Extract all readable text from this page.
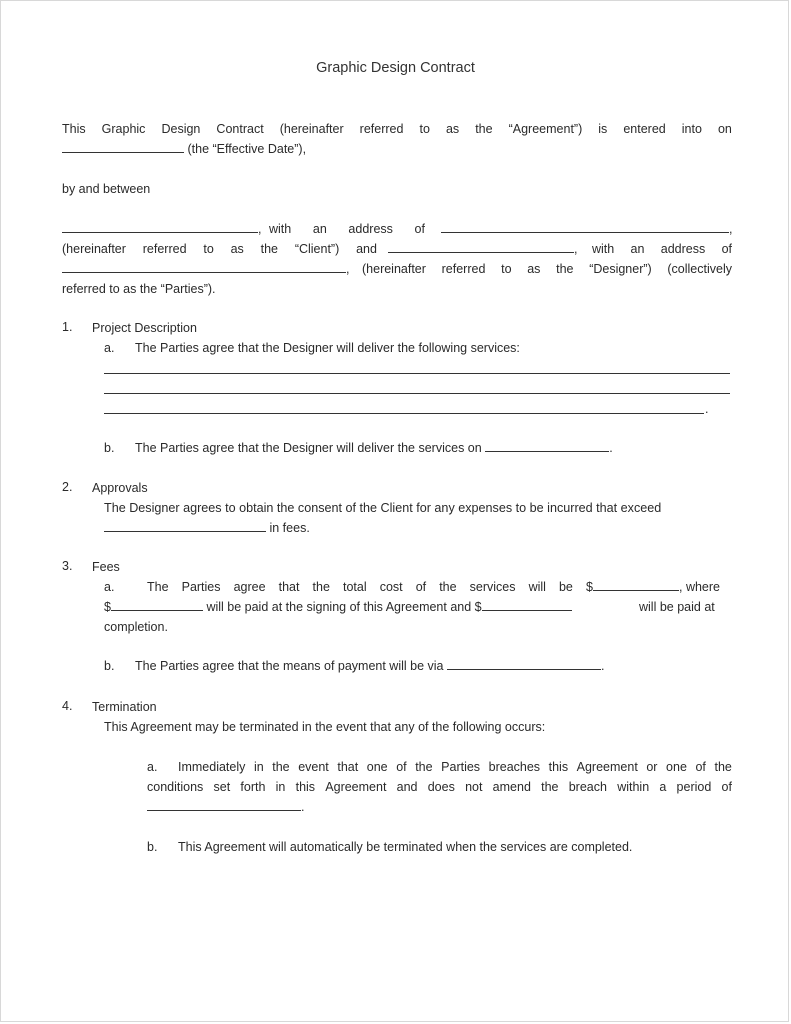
Graphic Design Contract
This Graphic Design Contract (hereinafter referred to as the “Agreement”) is entered into on
(the “Effective Date”),
by and between
, with an address of	,
(hereinafter referred to as the “Client”) and	, with an address of
, (hereinafter referred to as the “Designer”) (collectively
referred to as the “Parties”).
1. Project Description
a. The Parties agree that the Designer will deliver the following services:
.
b. The Parties agree that the Designer will deliver the services on	.
2. Approvals
The Designer agrees to obtain the consent of the Client for any expenses to be incurred that exceed
in fees.
3. Fees
a.	The Parties agree that the total cost of the services will be $	, where
$	will be paid at the signing of this Agreement and $	will be paid at
completion.
b. The Parties agree that the means of payment will be via	.
4. Termination
This Agreement may be terminated in the event that any of the following occurs:
a. Immediately in the event that one of the Parties breaches this Agreement or one of the
conditions set forth in this Agreement and does not amend the breach within a period of
.
b. This Agreement will automatically be terminated when the services are completed.
